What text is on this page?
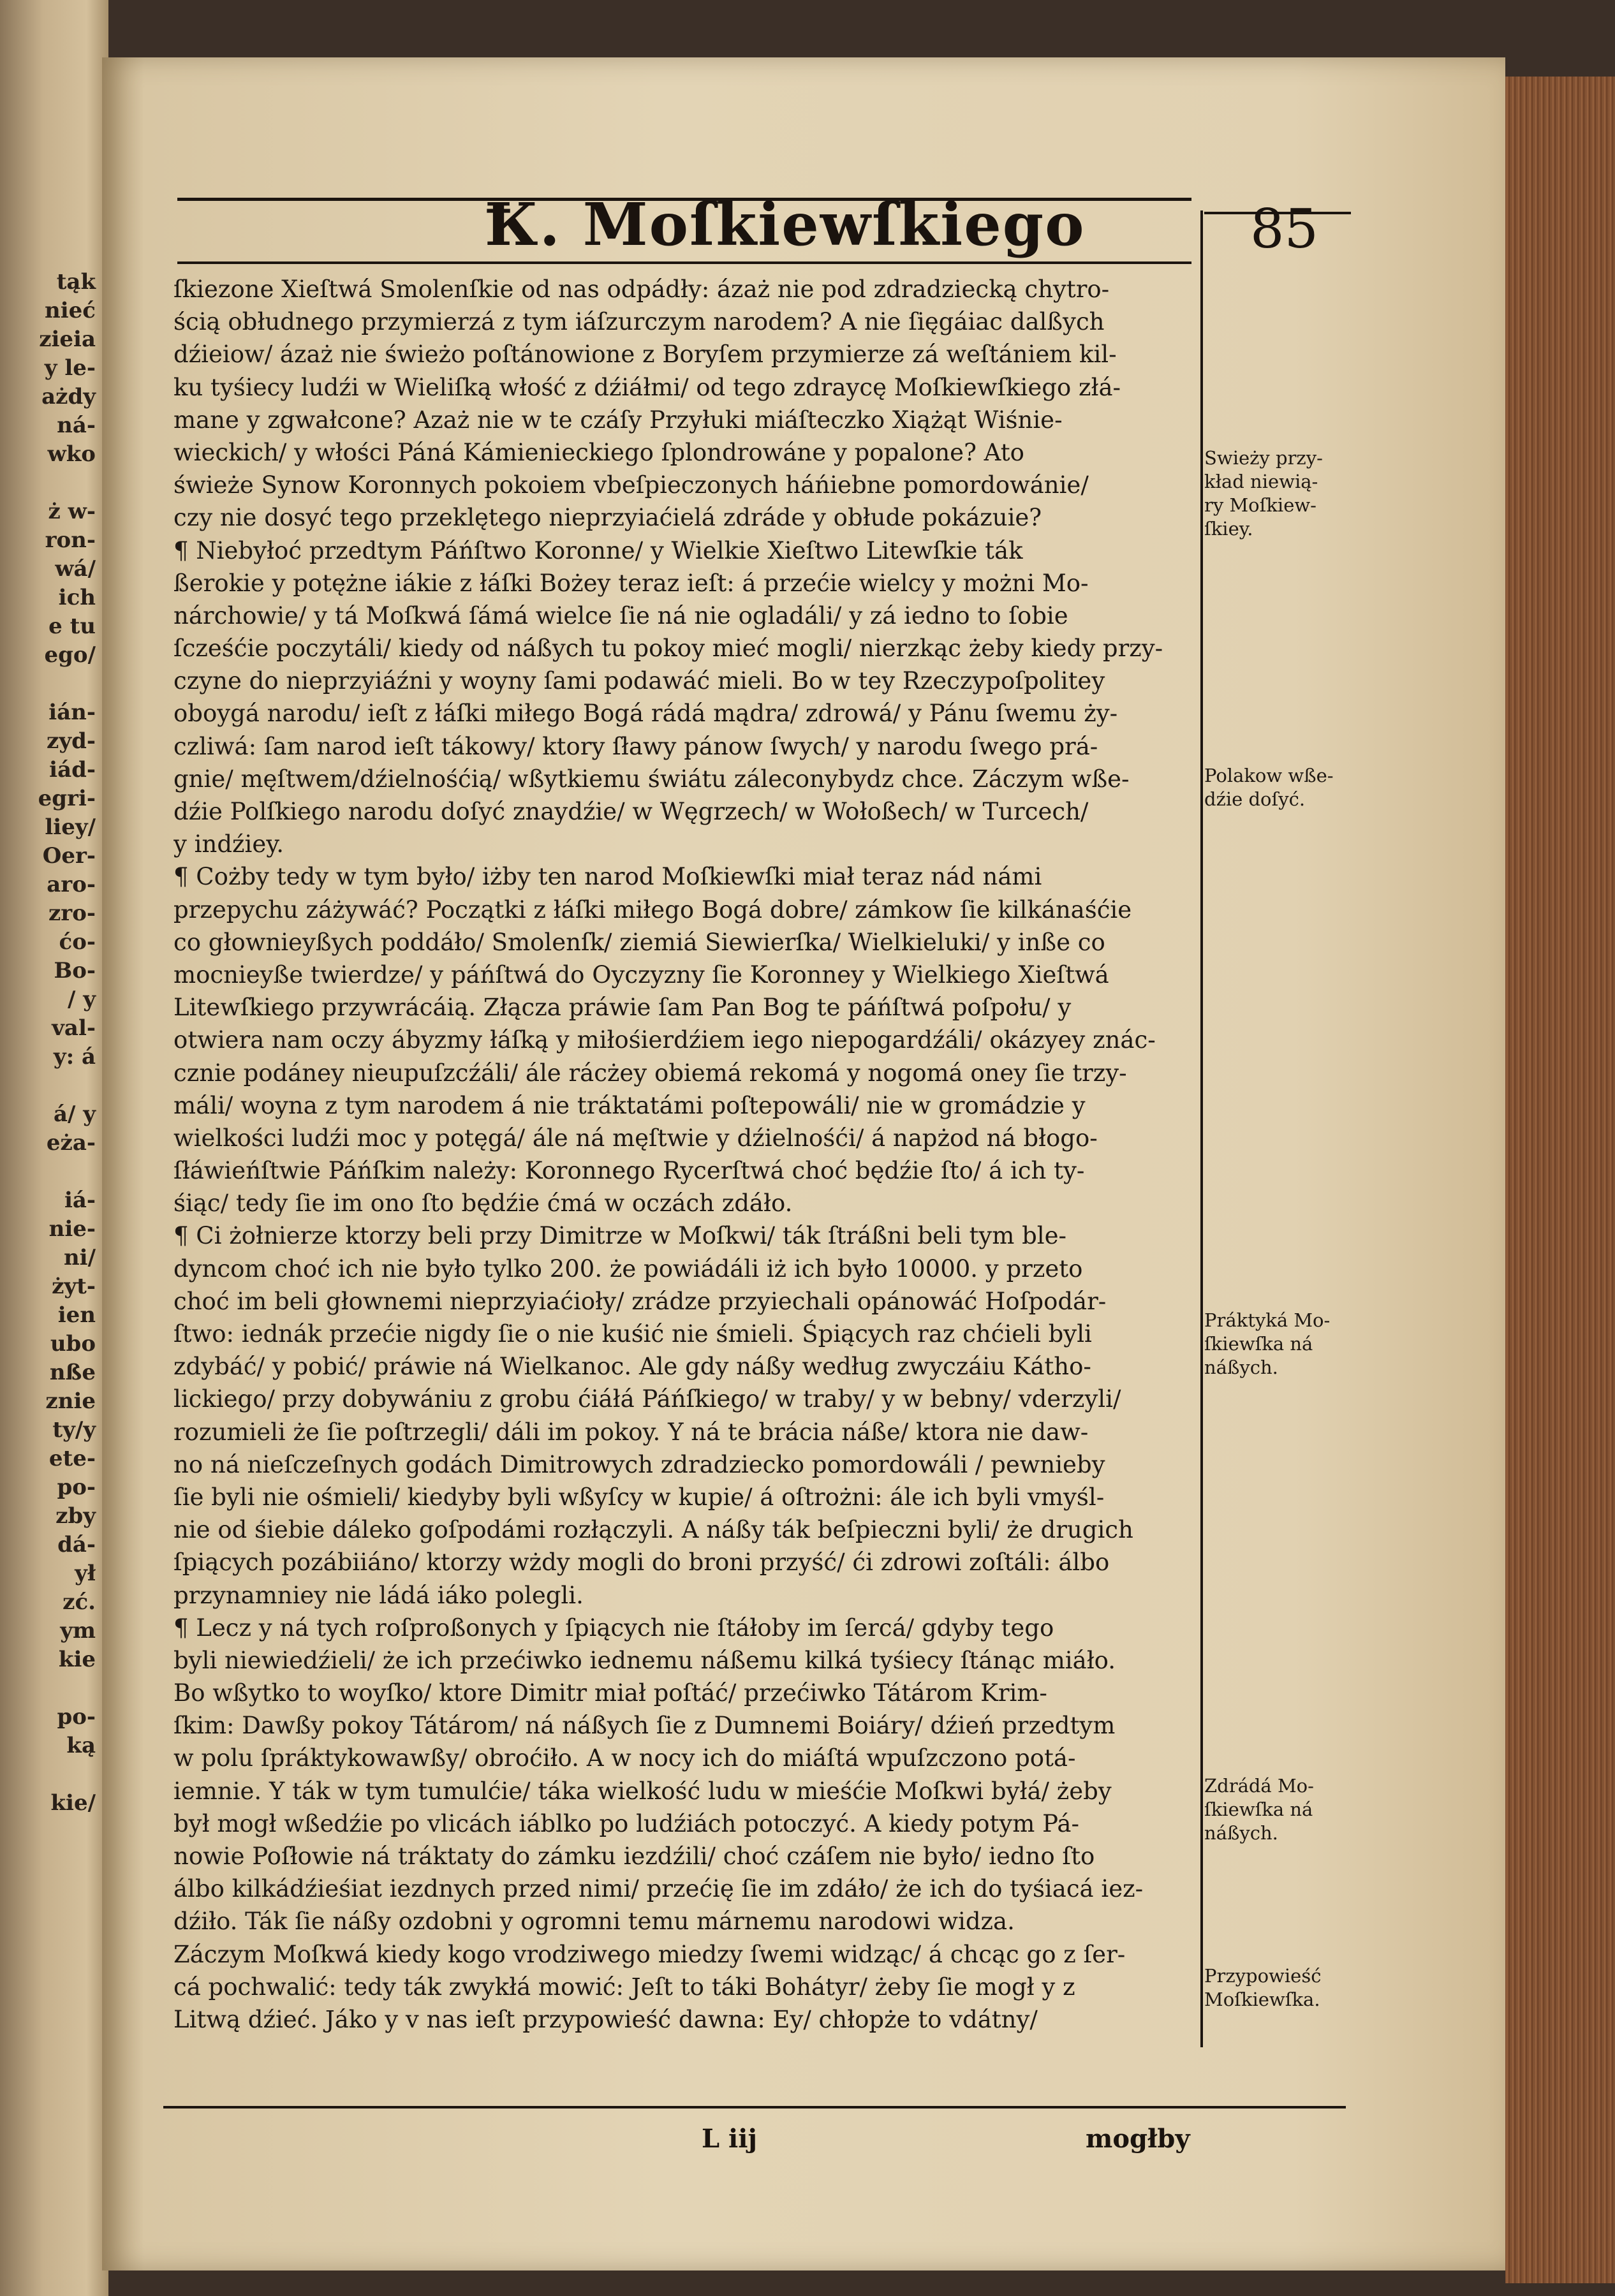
tąk
nieć
zieia
y le-
ażdy
ná-
wko

ż w-
ron-
wá/
ich
e tu
ego/

ián-
zyd-
iád-
egri-
liey/
Oer-
aro-
zro-
ćo-
Bo-
/ y
val-
y: á

á/ y
eża-

iá-
nie-
ni/
żyt-
ien
ubo
nße
znie
ty/y
ete-
po-
zby
dá-
ył
zć.
ym
kie

po-
ką

kie/
Ꝁ. Moſkiewſkiego	85
ſkiezone Xieſtwá Smolenſkie od nas odpádły: ázaż nie pod zdradziecką chytro-
ścią obłudnego przymierzá z tym iáſzurczym narodem? A nie ſięgáiac dalßych
dźieiow/ ázaż nie świeżo poſtánowione z Boryſem przymierze zá weſtániem kil-
ku tyśiecy ludźi w Wieliſką włość z dźiáłmi/ od tego zdraycę Moſkiewſkiego złá-
mane y zgwałcone? Azaż nie w te czáſy Przyłuki miáſteczko Xiążąt Wiśnie-
wieckich/ y włości Páná Kámienieckiego ſplondrowáne y popalone? Ato
świeże Synow Koronnych pokoiem vbeſpieczonych háńiebne pomordowánie/
czy nie dosyć tego przeklętego nieprzyiaćielá zdráde y obłude pokázuie?
¶ Niebyłoć przedtym Páńſtwo Koronne/ y Wielkie Xieſtwo Litewſkie ták
ßerokie y potężne iákie z łáſki Bożey teraz ieſt: á przećie wielcy y możni Mo-
nárchowie/ y tá Moſkwá ſámá wielce ſie ná nie ogladáli/ y zá iedno to ſobie
ſcześćie poczytáli/ kiedy od náßych tu pokoy mieć mogli/ nierzkąc żeby kiedy przy-
czyne do nieprzyiáźni y woyny ſami podawáć mieli. Bo w tey Rzeczypoſpolitey
oboygá narodu/ ieſt z łáſki miłego Bogá rádá mądra/ zdrowá/ y Pánu ſwemu ży-
czliwá: ſam narod ieſt tákowy/ ktory ſławy pánow ſwych/ y narodu ſwego prá-
gnie/ męſtwem/dźielnośćią/ wßytkiemu świátu záleconybydz chce. Záczym wße-
dźie Polſkiego narodu doſyć znaydźie/ w Węgrzech/ w Wołoßech/ w Turcech/
y indźiey.
¶ Cożby tedy w tym było/ iżby ten narod Moſkiewſki miał teraz nád námi
przepychu záżywáć? Początki z łáſki miłego Bogá dobre/ zámkow ſie kilkánaśćie
co głownieyßych poddáło/ Smolenſk/ ziemiá Siewierſka/ Wielkieluki/ y inße co
mocnieyße twierdze/ y páńſtwá do Oyczyzny ſie Koronney y Wielkiego Xieſtwá
Litewſkiego przywrácáią. Złącza práwie ſam Pan Bog te páńſtwá poſpołu/ y
otwiera nam oczy ábyzmy łáſką y miłośierdźiem iego niepogardźáli/ okázyey znác-
cznie podáney nieupuſzcźáli/ ále rácżey obiemá rekomá y nogomá oney ſie trzy-
máli/ woyna z tym narodem á nie tráktatámi poſtepowáli/ nie w gromádzie y
wielkości ludźi moc y potęgá/ ále ná męſtwie y dźielnośći/ á napżod ná błogo-
ſłáwieńſtwie Páńſkim należy: Koronnego Rycerſtwá choć będźie ſto/ á ich ty-
śiąc/ tedy ſie im ono ſto będźie ćmá w oczách zdáło.
¶ Ci żołnierze ktorzy beli przy Dimitrze w Moſkwi/ ták ſtráßni beli tym ble-
dyncom choć ich nie było tylko 200. że powiádáli iż ich było 10000. y przeto
choć im beli głownemi nieprzyiaćioły/ zrádze przyiechali opánowáć Hoſpodár-
ſtwo: iednák przećie nigdy ſie o nie kuśić nie śmieli. Śpiących raz chćieli byli
zdybáć/ y pobić/ práwie ná Wielkanoc. Ale gdy náßy według zwyczáiu Kátho-
lickiego/ przy dobywániu z grobu ćiáłá Páńſkiego/ w traby/ y w bebny/ vderzyli/
rozumieli że ſie poſtrzegli/ dáli im pokoy. Y ná te brácia náße/ ktora nie daw-
no ná nieſczeſnych godách Dimitrowych zdradziecko pomordowáli / pewnieby
ſie byli nie ośmieli/ kiedyby byli wßyſcy w kupie/ á oſtrożni: ále ich byli vmyśl-
nie od śiebie dáleko goſpodámi rozłączyli. A náßy ták beſpieczni byli/ że drugich
ſpiących pozábiiáno/ ktorzy wżdy mogli do broni przyść/ ći zdrowi zoſtáli: álbo
przynamniey nie ládá iáko polegli.
¶ Lecz y ná tych roſproßonych y ſpiących nie ſtáłoby im ſercá/ gdyby tego
byli niewiedźieli/ że ich przećiwko iednemu náßemu kilká tyśiecy ſtánąc miáło.
Bo wßytko to woyſko/ ktore Dimitr miał poſtáć/ przećiwko Tátárom Krim-
ſkim: Dawßy pokoy Tátárom/ ná náßych ſie z Dumnemi Boiáry/ dźień przedtym
w polu ſpráktykowawßy/ obroćiło. A w nocy ich do miáſtá wpuſzczono potá-
iemnie. Y ták w tym tumulćie/ táka wielkość ludu w mieśćie Moſkwi byłá/ żeby
był mogł wßedźie po vlicách iáblko po ludźiách potoczyć. A kiedy potym Pá-
nowie Poſłowie ná tráktaty do zámku iezdźili/ choć czáſem nie było/ iedno ſto
álbo kilkádźieśiat iezdnych przed nimi/ przećię ſie im zdáło/ że ich do tyśiacá iez-
dźiło. Ták ſie náßy ozdobni y ogromni temu márnemu narodowi widza.
Záczym Moſkwá kiedy kogo vrodziwego miedzy ſwemi widząc/ á chcąc go z ſer-
cá pochwalić: tedy ták zwykłá mowić: Jeſt to táki Bohátyr/ żeby ſie mogł y z
Litwą dźieć. Jáko y v nas ieſt przypowieść dawna: Ey/ chłopże to vdátny/
Swieży przy-
kład niewią-
ry Moſkiew-
ſkiey.
Polakow wße-
dźie doſyć.
Práktyká Mo-
ſkiewſka ná
náßych.
Zdrádá Mo-
ſkiewſka ná
náßych.
Przypowieść
Moſkiewſka.
L iij	mogłby
